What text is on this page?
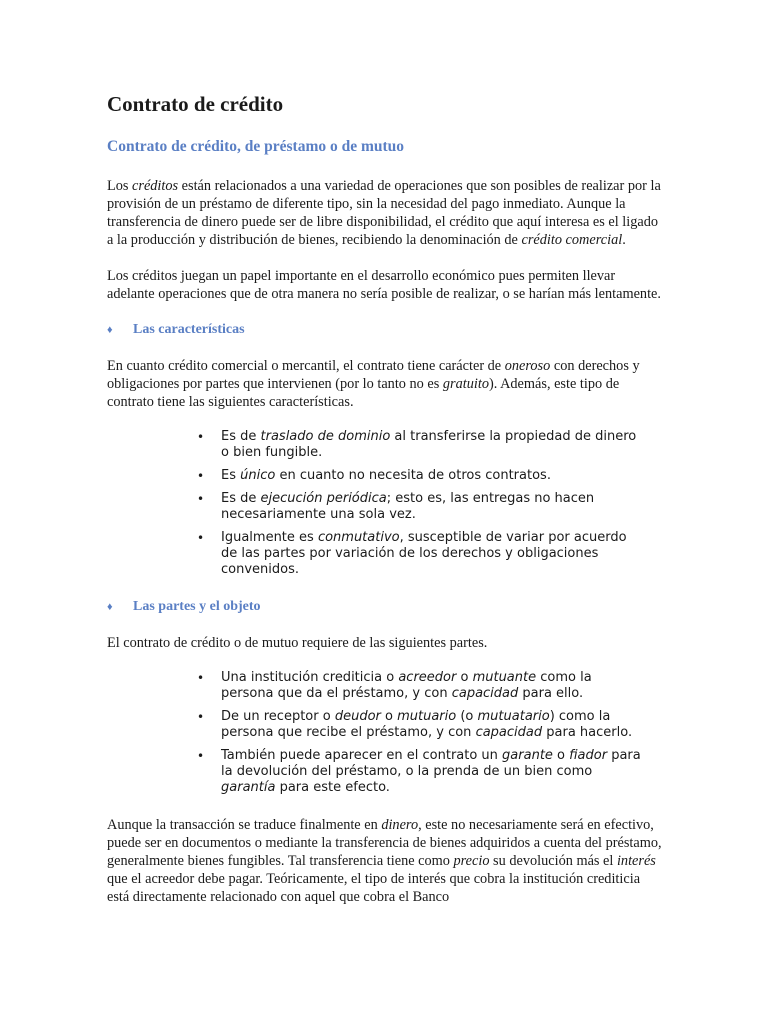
Contrato de crédito
Contrato de crédito, de préstamo o de mutuo

Los créditos están relacionados a una variedad de operaciones que son posibles de realizar por la provisión de un préstamo de diferente tipo, sin la necesidad del pago inmediato. Aunque la transferencia de dinero puede ser de libre disponibilidad, el crédito que aquí interesa es el ligado a la producción y distribución de bienes, recibiendo la denominación de crédito comercial.

Los créditos juegan un papel importante en el desarrollo económico pues permiten llevar adelante operaciones que de otra manera no sería posible de realizar, o se harían más lentamente.

♦	Las características

En cuanto crédito comercial o mercantil, el contrato tiene carácter de oneroso con derechos y obligaciones por partes que intervienen (por lo tanto no es gratuito). Además, este tipo de contrato tiene las siguientes características.

•	Es de traslado de dominio al transferirse la propiedad de dinero o bien fungible.
•	Es único en cuanto no necesita de otros contratos.
•	Es de ejecución periódica; esto es, las entregas no hacen necesariamente una sola vez.
•	Igualmente es conmutativo, susceptible de variar por acuerdo de las partes por variación de los derechos y obligaciones convenidos.
♦	Las partes y el objeto

El contrato de crédito o de mutuo requiere de las siguientes partes.

•	Una institución crediticia o acreedor o mutuante como la persona que da el préstamo, y con capacidad para ello.
•	De un receptor o deudor o mutuario (o mutuatario) como la persona que recibe el préstamo, y con capacidad para hacerlo.
•	También puede aparecer en el contrato un garante o fiador para la devolución del préstamo, o la prenda de un bien como garantía para este efecto.

Aunque la transacción se traduce finalmente en dinero, este no necesariamente será en efectivo, puede ser en documentos o mediante la transferencia de bienes adquiridos a cuenta del préstamo, generalmente bienes fungibles. Tal transferencia tiene como precio su devolución más el interés que el acreedor debe pagar. Teóricamente, el tipo de interés que cobra la institución crediticia está directamente relacionado con aquel que cobra el Banco
